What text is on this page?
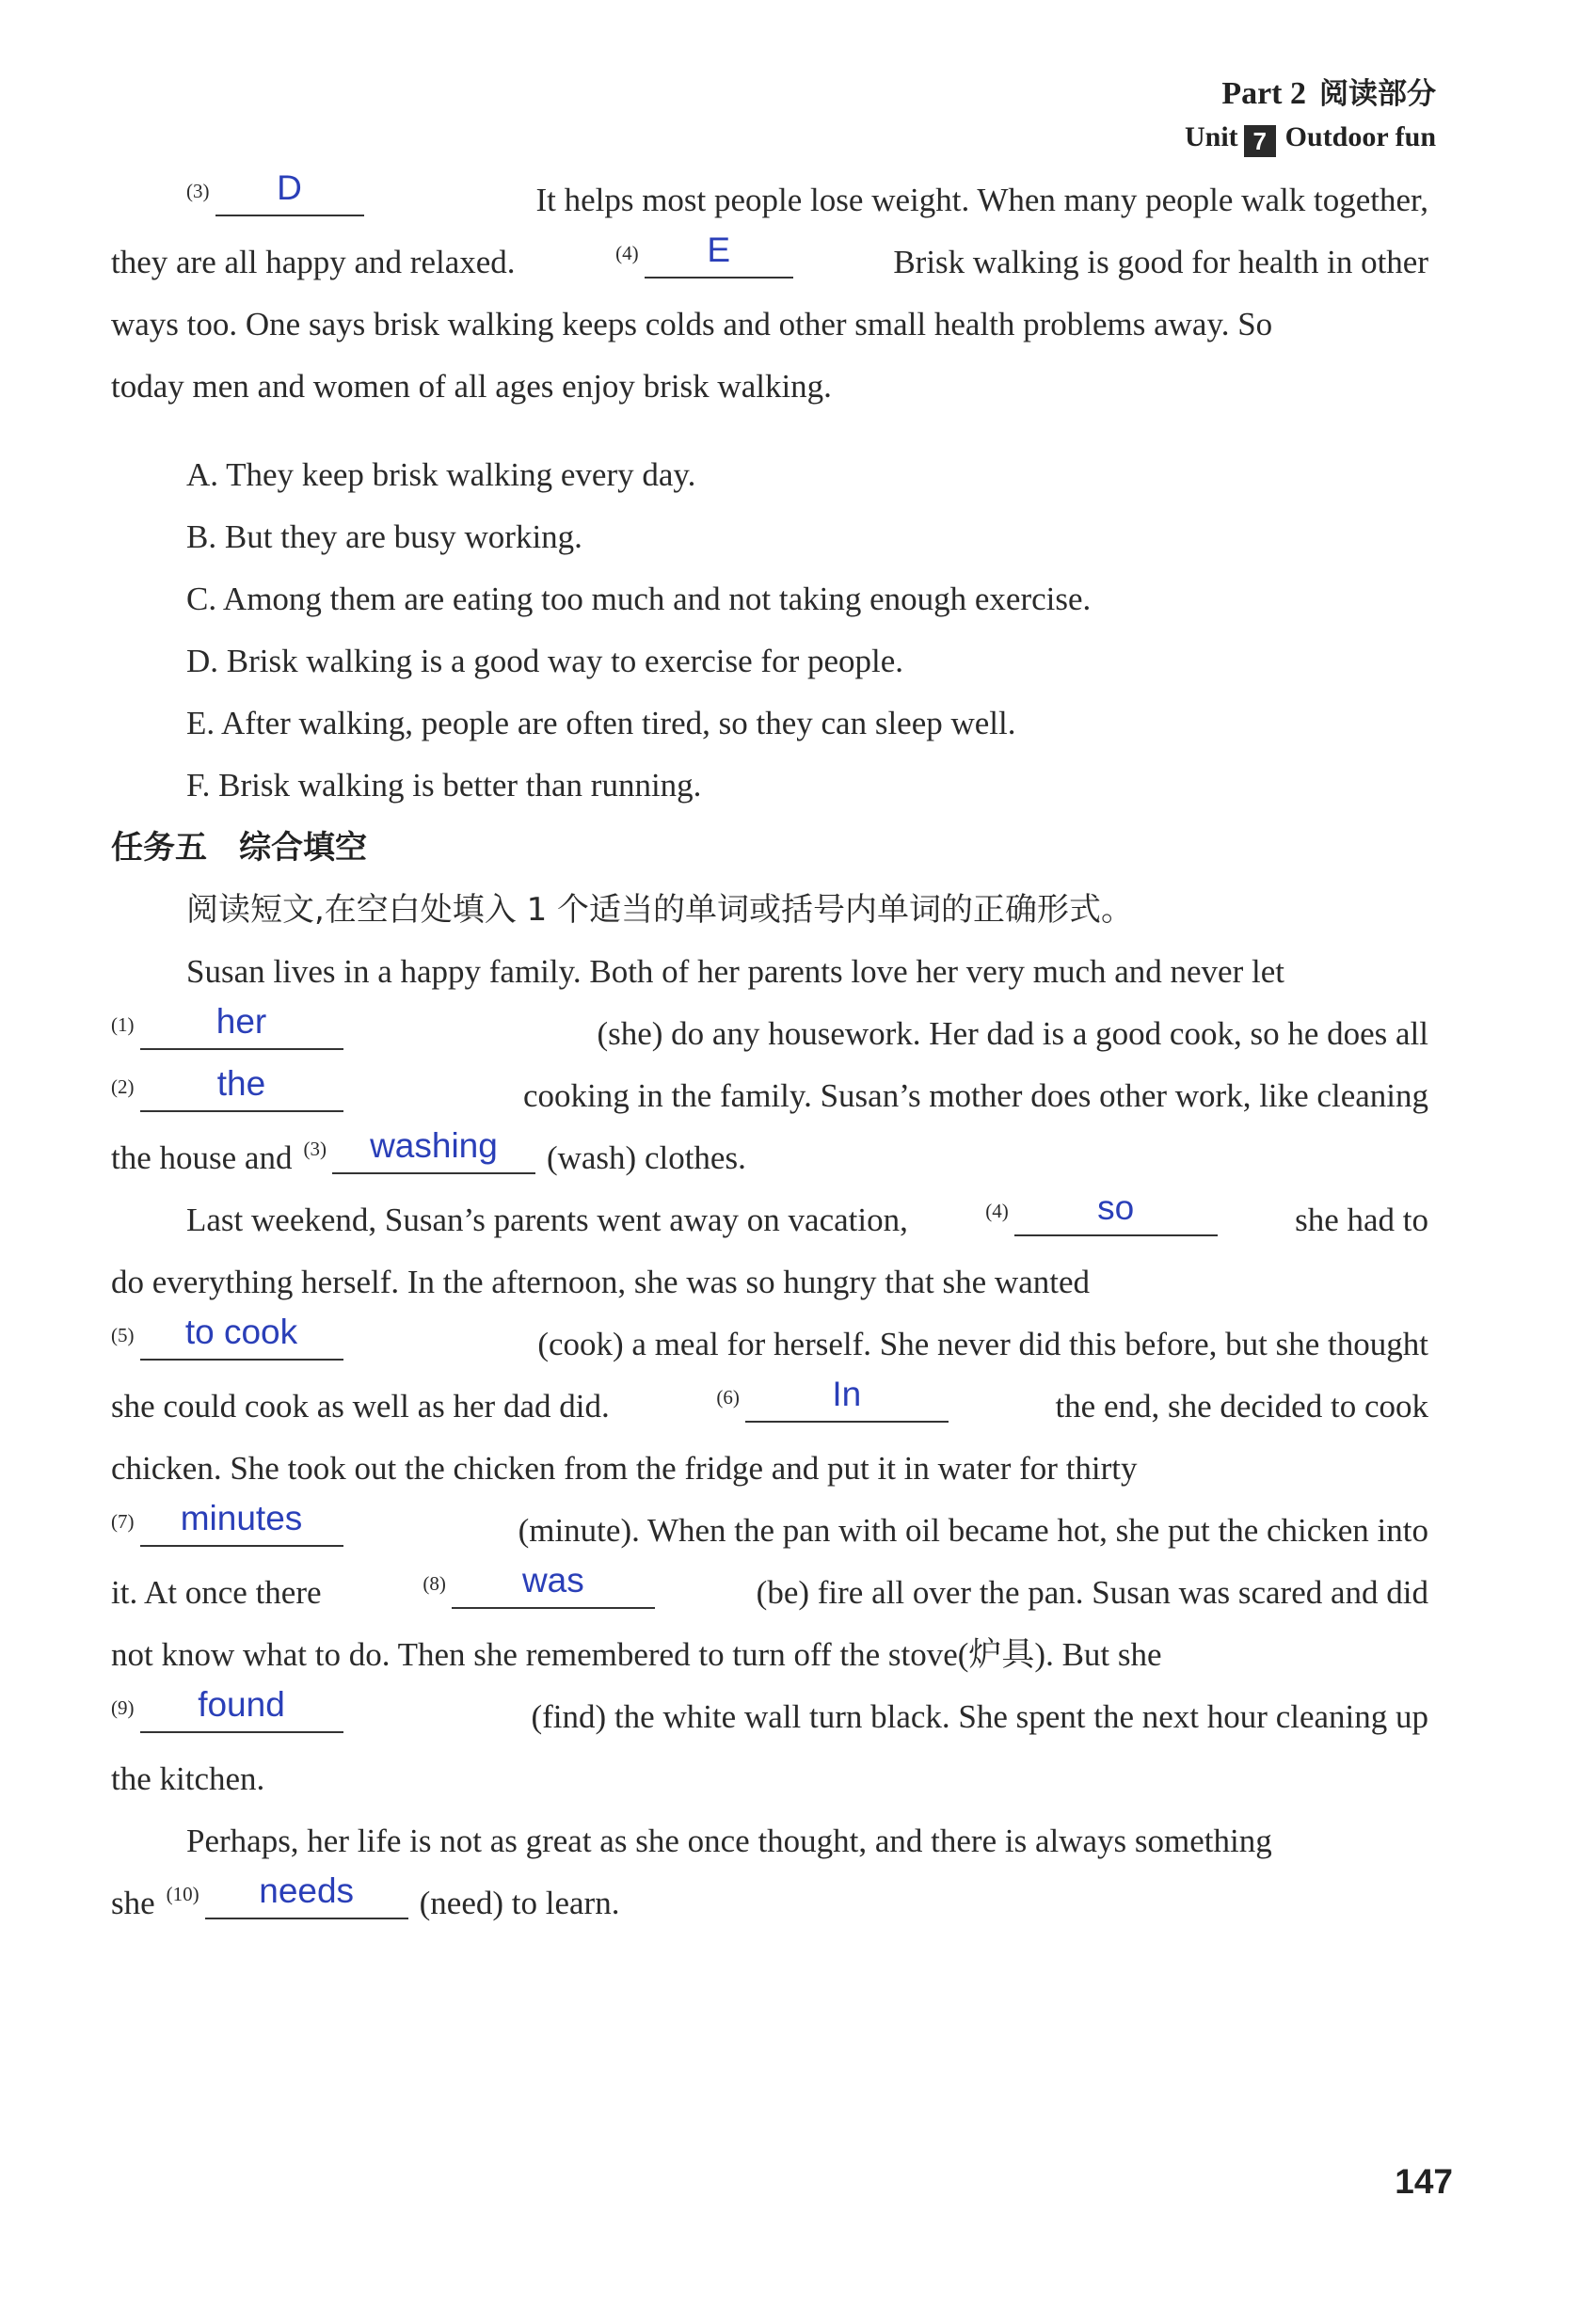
Part 2 阅读部分
Unit 7 Outdoor fun
$^{(3)}$	D	It helps most people lose weight. When many people walk together,
they are all happy and relaxed.	$^{(4)}$	E	Brisk walking is good for health in other
ways too. One says brisk walking keeps colds and other small health problems away. So
today men and women of all ages enjoy brisk walking.
A. They keep brisk walking every day.
B. But they are busy working.
C. Among them are eating too much and not taking enough exercise.
D. Brisk walking is a good way to exercise for people.
E. After walking, people are often tired, so they can sleep well.
F. Brisk walking is better than running.
任务五 综合填空
阅读短文,在空白处填入 1 个适当的单词或括号内单词的正确形式。
Susan lives in a happy family. Both of her parents love her very much and never let
$^{(1)}$	her	(she) do any housework. Her dad is a good cook, so he does all
$^{(2)}$	the	cooking in the family. Susan’s mother does other work, like cleaning
the house and $^{(3)}$	washing	(wash) clothes.
Last weekend, Susan’s parents went away on vacation,	$^{(4)}$	so	she had to
do everything herself. In the afternoon, she was so hungry that she wanted
$^{(5)}$	to cook	(cook) a meal for herself. She never did this before, but she thought
she could cook as well as her dad did.	$^{(6)}$	In	the end, she decided to cook
chicken. She took out the chicken from the fridge and put it in water for thirty
$^{(7)}$	minutes	(minute). When the pan with oil became hot, she put the chicken into
it. At once there	$^{(8)}$	was	(be) fire all over the pan. Susan was scared and did
not know what to do. Then she remembered to turn off the stove(炉具). But she
$^{(9)}$	found	(find) the white wall turn black. She spent the next hour cleaning up
the kitchen.
Perhaps, her life is not as great as she once thought, and there is always something
she $^{(10)}$	needs	(need) to learn.
147
